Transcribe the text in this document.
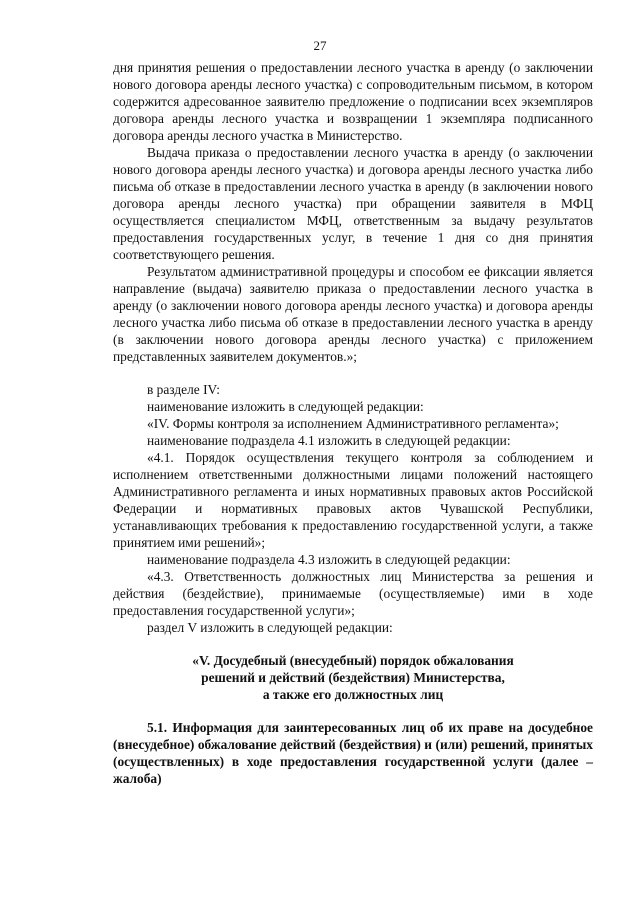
27

дня принятия решения о предоставлении лесного участка в аренду (о заключении нового договора аренды лесного участка) с сопроводительным письмом, в котором содержится адресованное заявителю предложение о подписании всех экземпляров договора аренды лесного участка и возвращении 1 экземпляра подписанного договора аренды лесного участка в Министерство.

Выдача приказа о предоставлении лесного участка в аренду (о заключении нового договора аренды лесного участка) и договора аренды лесного участка либо письма об отказе в предоставлении лесного участка в аренду (в заключении нового договора аренды лесного участка) при обращении заявителя в МФЦ осуществляется специалистом МФЦ, ответственным за выдачу результатов предоставления государственных услуг, в течение 1 дня со дня принятия соответствующего решения.

Результатом административной процедуры и способом ее фиксации является направление (выдача) заявителю приказа о предоставлении лесного участка в аренду (о заключении нового договора аренды лесного участка) и договора аренды лесного участка либо письма об отказе в предоставлении лесного участка в аренду (в заключении нового договора аренды лесного участка) с приложением представленных заявителем документов.»;

в разделе IV:

наименование изложить в следующей редакции:

«IV. Формы контроля за исполнением Административного регламента»;

наименование подраздела 4.1 изложить в следующей редакции:

«4.1. Порядок осуществления текущего контроля за соблюдением и исполнением ответственными должностными лицами положений настоящего Административного регламента и иных нормативных правовых актов Российской Федерации и нормативных правовых актов Чувашской Республики, устанавливающих требования к предоставлению государственной услуги, а также принятием ими решений»;

наименование подраздела 4.3 изложить в следующей редакции:

«4.3. Ответственность должностных лиц Министерства за решения и действия (бездействие), принимаемые (осуществляемые) ими в ходе предоставления государственной услуги»;

раздел V изложить в следующей редакции:

«V. Досудебный (внесудебный) порядок обжалования

решений и действий (бездействия) Министерства,

а также его должностных лиц

5.1. Информация для заинтересованных лиц об их праве на досудебное (внесудебное) обжалование действий (бездействия) и (или) решений, принятых (осуществленных) в ходе предоставления государственной услуги (далее – жалоба)
